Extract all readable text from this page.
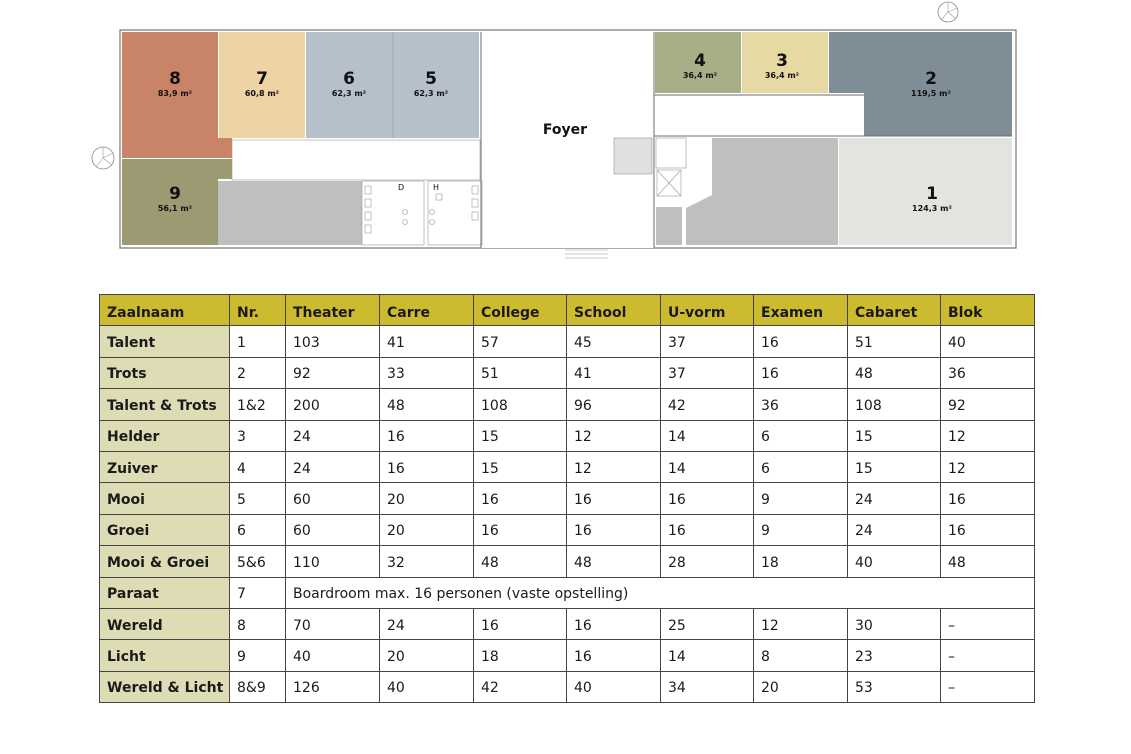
8
83,9 m²
7
60,8 m²
6
62,3 m²
5
62,3 m²
Foyer
4
36,4 m²
3
36,4 m²	2
119,5 m²
9
56,1 m²
D	H	1
124,3 m²
Zaalnaam	Nr.	Theater	Carre	College	School	U-vorm	Examen	Cabaret	Blok
Talent	1	103	41	57	45	37	16	51	40
Trots	2	92	33	51	41	37	16	48	36
Talent & Trots	1&2	200	48	108	96	42	36	108	92
Helder	3	24	16	15	12	14	6	15	12
Zuiver	4	24	16	15	12	14	6	15	12
Mooi	5	60	20	16	16	16	9	24	16
Groei	6	60	20	16	16	16	9	24	16
Mooi & Groei	5&6	110	32	48	48	28	18	40	48
Paraat	7	Boardroom max. 16 personen (vaste opstelling)							
Wereld	8	70	24	16	16	25	12	30	–
Licht	9	40	20	18	16	14	8	23	–
Wereld & Licht	8&9	126	40	42	40	34	20	53	–
